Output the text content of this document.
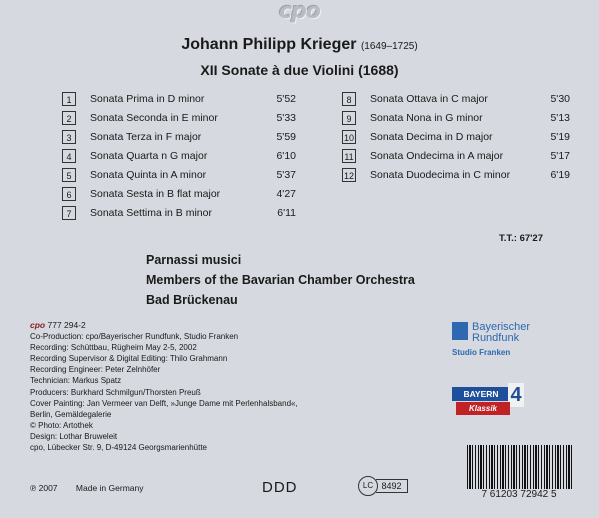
cpo
Johann Philipp Krieger (1649–1725)
XII Sonate à due Violini (1688)
1	Sonata Prima in D minor	5'52
2	Sonata Seconda in E minor	5'33
3	Sonata Terza in F major	5'59
4	Sonata Quarta n G major	6'10
5	Sonata Quinta in A minor	5'37
6	Sonata Sesta in B flat major	4'27
7	Sonata Settima in B minor	6'11
8	Sonata Ottava in C major	5'30
9	Sonata Nona in G minor	5'13
10 Sonata Decima in D major	5'19
11 Sonata Ondecima in A major	5'17
12 Sonata Duodecima in C minor	6'19
T.T.: 67'27
Parnassi musici
Members of the Bavarian Chamber Orchestra
Bad Brückenau
cpo 777 294-2
Co-Production: cpo/Bayerischer Rundfunk, Studio Franken
Recording: Schüttbau, Rügheim May 2-5, 2002
Recording Supervisor & Digital Editing: Thilo Grahmann
Recording Engineer: Peter Zelnhöfer
Technician: Markus Spatz
Producers: Burkhard Schmilgun/Thorsten Preuß
Cover Painting: Jan Vermeer van Delft, »Junge Dame mit Perlenhalsband«,
Berlin, Gemäldegalerie
© Photo: Artothek
Design: Lothar Bruweleit
cpo, Lübecker Str. 9, D-49124 Georgsmarienhütte
Bayerischer
Rundfunk
Studio Franken
BAYERN 4
Klassik
℗ 2007 Made in Germany	DDD	LC 8492
7 61203 72942 5
